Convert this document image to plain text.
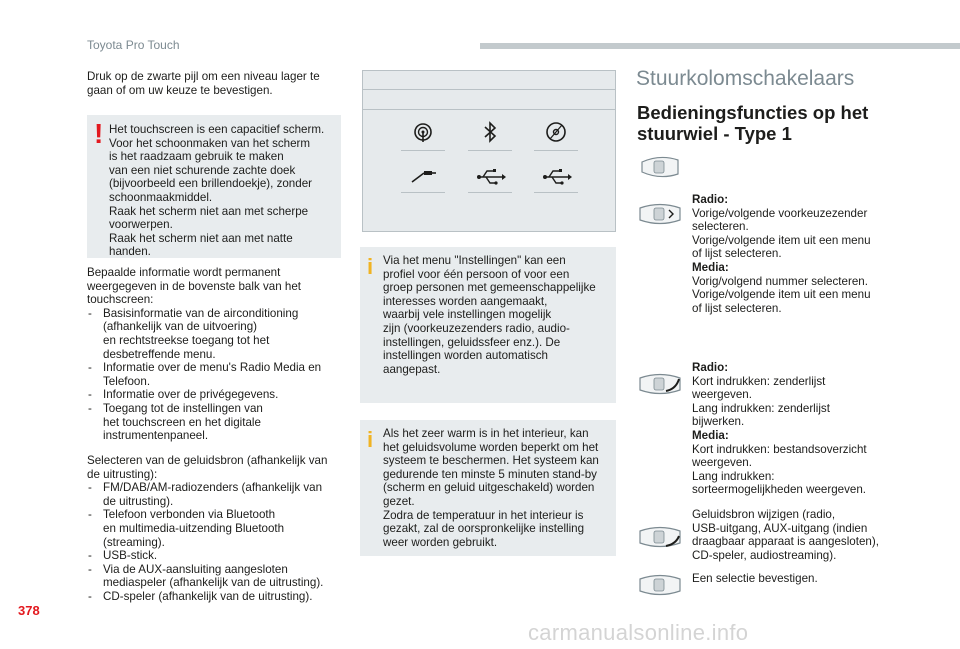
Toyota Pro Touch

Druk op de zwarte pijl om een niveau lager te gaan of om uw keuze te bevestigen.

! Het touchscreen is een capacitief scherm.
Voor het schoonmaken van het scherm
is het raadzaam gebruik te maken
van een niet schurende zachte doek
(bijvoorbeeld een brillendoekje), zonder
schoonmaakmiddel.
Raak het scherm niet aan met scherpe
voorwerpen.
Raak het scherm niet aan met natte
handen.
Bepaalde informatie wordt permanent
weergegeven in de bovenste balk van het
touchscreen:
- Basisinformatie van de airconditioning
(afhankelijk van de uitvoering)
en rechtstreekse toegang tot het
desbetreffende menu.
- Informatie over de menu's Radio Media en
Telefoon.
- Informatie over de privégegevens.
- Toegang tot de instellingen van
het touchscreen en het digitale
instrumentenpaneel.
Selecteren van de geluidsbron (afhankelijk van
de uitrusting):
- FM/DAB/AM-radiozenders (afhankelijk van
de uitrusting).
- Telefoon verbonden via Bluetooth
en multimedia-uitzending Bluetooth
(streaming).
- USB-stick.
- Via de AUX-aansluiting aangesloten
mediaspeler (afhankelijk van de uitrusting).
- CD-speler (afhankelijk van de uitrusting).
i Via het menu "Instellingen" kan een
profiel voor één persoon of voor een
groep personen met gemeenschappelijke
interesses worden aangemaakt,
waarbij vele instellingen mogelijk
zijn (voorkeuzezenders radio, audio-
instellingen, geluidssfeer enz.). De
instellingen worden automatisch
aangepast.
i Als het zeer warm is in het interieur, kan
het geluidsvolume worden beperkt om het
systeem te beschermen. Het systeem kan
gedurende ten minste 5 minuten stand-by
(scherm en geluid uitgeschakeld) worden
gezet.
Zodra de temperatuur in het interieur is
gezakt, zal de oorspronkelijke instelling
weer worden gebruikt.
Stuurkolomschakelaars
Bedieningsfuncties op het
stuurwiel - Type 1
Radio:
Vorige/volgende voorkeuzezender
selecteren.
Vorige/volgende item uit een menu
of lijst selecteren.
Media:
Vorig/volgend nummer selecteren.
Vorige/volgende item uit een menu
of lijst selecteren.
Radio:
Kort indrukken: zenderlijst
weergeven.
Lang indrukken: zenderlijst
bijwerken.
Media:
Kort indrukken: bestandsoverzicht
weergeven.
Lang indrukken:
sorteermogelijkheden weergeven.
Geluidsbron wijzigen (radio,
USB-uitgang, AUX-uitgang (indien
draagbaar apparaat is aangesloten),
CD-speler, audiostreaming).
Een selectie bevestigen.
378
carmanualsonline.info
